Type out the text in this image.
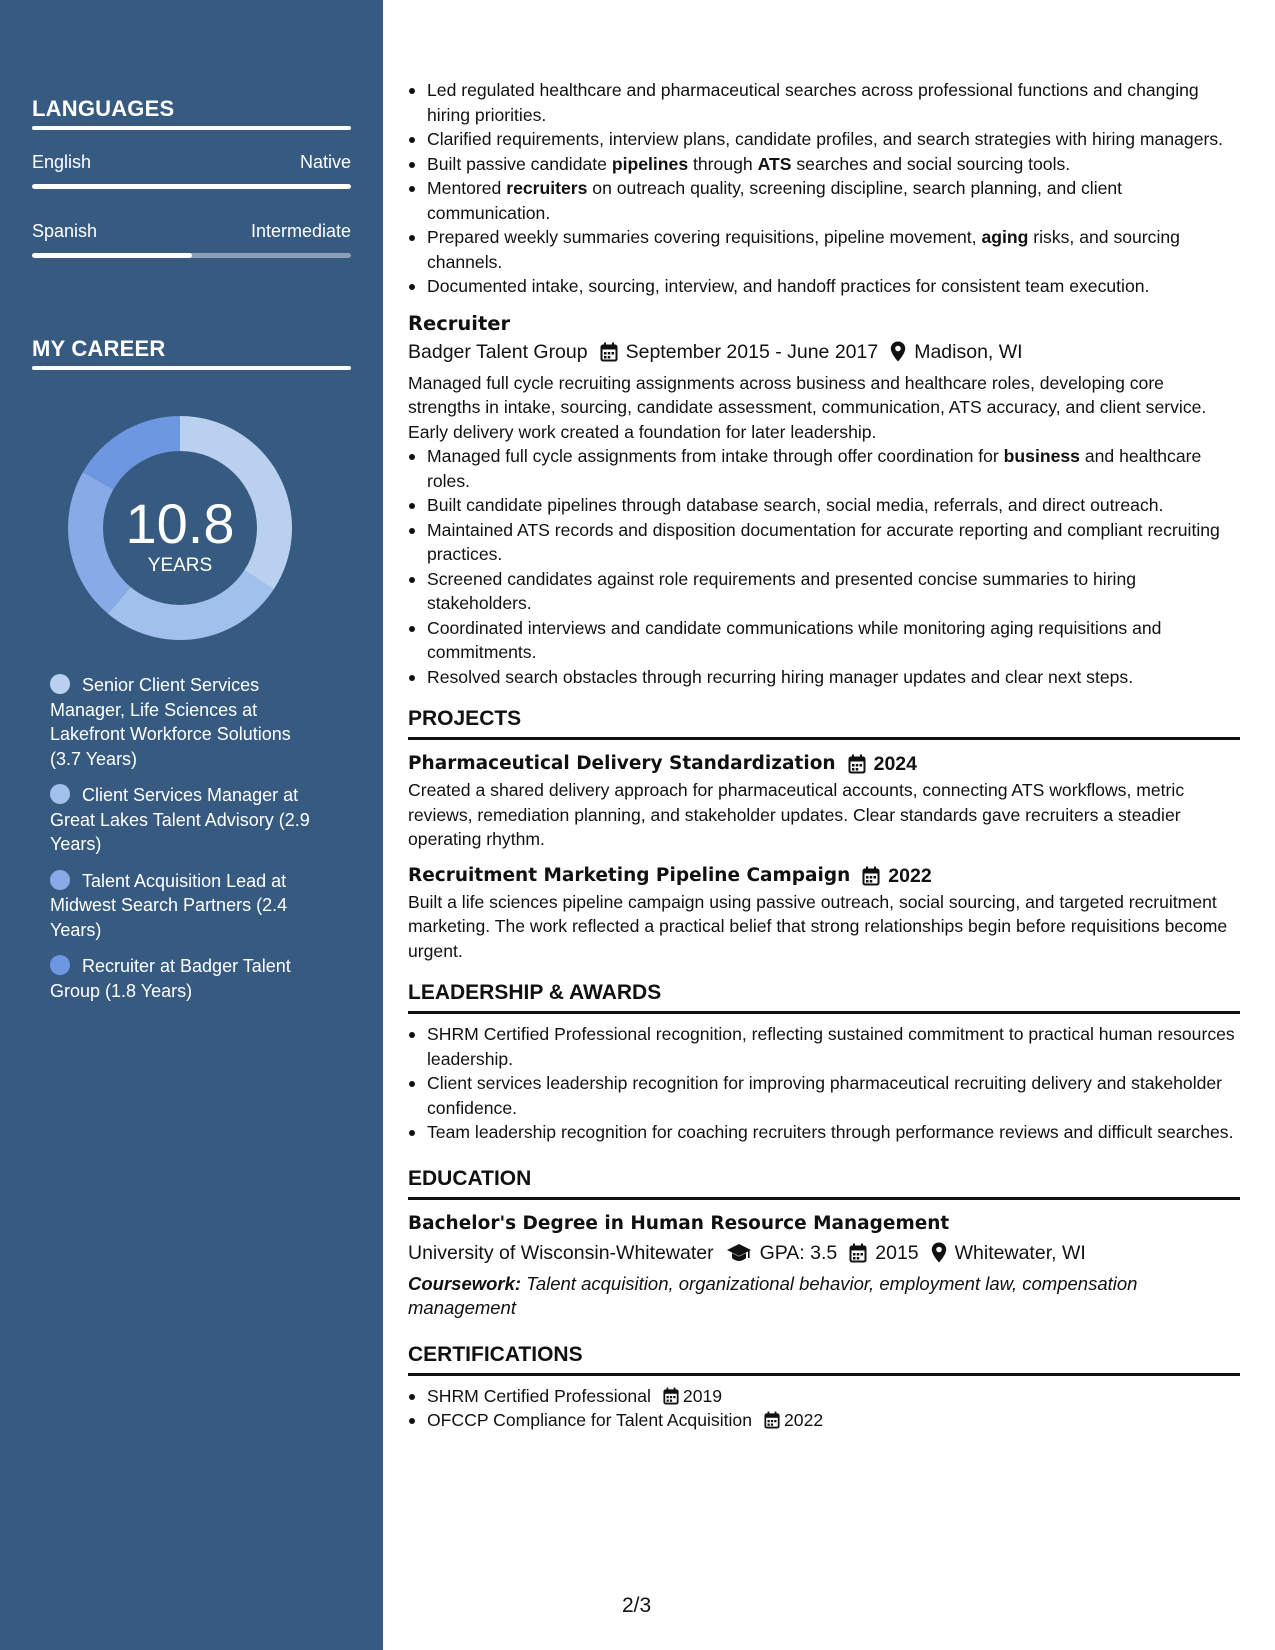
LANGUAGES
English	Native
Spanish	Intermediate
MY CAREER
10.8
YEARS
Senior Client Services Manager, Life Sciences at Lakefront Workforce Solutions (3.7 Years)
Client Services Manager at Great Lakes Talent Advisory (2.9 Years)
Talent Acquisition Lead at Midwest Search Partners (2.4 Years)
Recruiter at Badger Talent Group (1.8 Years)
Led regulated healthcare and pharmaceutical searches across professional functions and changing hiring priorities.
Clarified requirements, interview plans, candidate profiles, and search strategies with hiring managers.
Built passive candidate pipelines through ATS searches and social sourcing tools.
Mentored recruiters on outreach quality, screening discipline, search planning, and client communication.
Prepared weekly summaries covering requisitions, pipeline movement, aging risks, and sourcing channels.
Documented intake, sourcing, interview, and handoff practices for consistent team execution.
Recruiter
Badger Talent Group September 2015 - June 2017 Madison, WI
Managed full cycle recruiting assignments across business and healthcare roles, developing core strengths in intake, sourcing, candidate assessment, communication, ATS accuracy, and client service. Early delivery work created a foundation for later leadership.
Managed full cycle assignments from intake through offer coordination for business and healthcare roles.
Built candidate pipelines through database search, social media, referrals, and direct outreach.
Maintained ATS records and disposition documentation for accurate reporting and compliant recruiting practices.
Screened candidates against role requirements and presented concise summaries to hiring stakeholders.
Coordinated interviews and candidate communications while monitoring aging requisitions and commitments.
Resolved search obstacles through recurring hiring manager updates and clear next steps.
PROJECTS
Pharmaceutical Delivery Standardization 2024
Created a shared delivery approach for pharmaceutical accounts, connecting ATS workflows, metric reviews, remediation planning, and stakeholder updates. Clear standards gave recruiters a steadier operating rhythm.
Recruitment Marketing Pipeline Campaign 2022
Built a life sciences pipeline campaign using passive outreach, social sourcing, and targeted recruitment marketing. The work reflected a practical belief that strong relationships begin before requisitions become urgent.
LEADERSHIP & AWARDS
SHRM Certified Professional recognition, reflecting sustained commitment to practical human resources leadership.
Client services leadership recognition for improving pharmaceutical recruiting delivery and stakeholder confidence.
Team leadership recognition for coaching recruiters through performance reviews and difficult searches.
EDUCATION
Bachelor's Degree in Human Resource Management
University of Wisconsin-Whitewater GPA: 3.5 2015 Whitewater, WI
Coursework: Talent acquisition, organizational behavior, employment law, compensation management
CERTIFICATIONS
SHRM Certified Professional 2019
OFCCP Compliance for Talent Acquisition 2022
2/3
